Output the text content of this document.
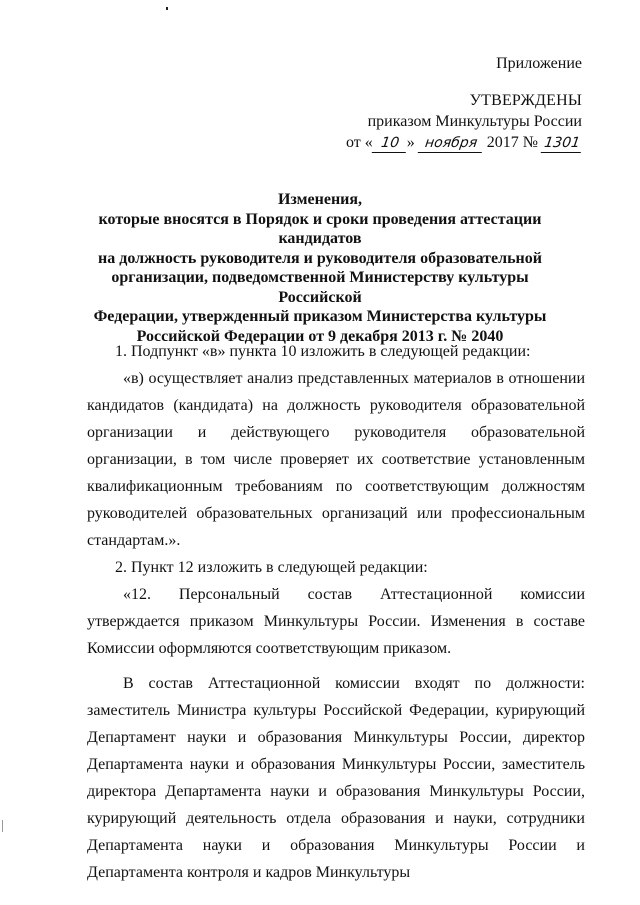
Приложение
УТВЕРЖДЕНЫ
приказом Минкультуры России
от « 10 » ноября 2017 № 1301
Изменения,
которые вносятся в Порядок и сроки проведения аттестации кандидатов
на должность руководителя и руководителя образовательной
организации, подведомственной Министерству культуры Российской
Федерации, утвержденный приказом Министерства культуры
Российской Федерации от 9 декабря 2013 г. № 2040

1. Подпункт «в» пункта 10 изложить в следующей редакции:

«в) осуществляет анализ представленных материалов в отношении кандидатов (кандидата) на должность руководителя образовательной организации и действующего руководителя образовательной организации, в том числе проверяет их соответствие установленным квалификационным требованиям по соответствующим должностям руководителей образовательных организаций или профессиональным стандартам.».

2. Пункт 12 изложить в следующей редакции:

«12. Персональный состав Аттестационной комиссии утверждается приказом Минкультуры России. Изменения в составе Комиссии оформляются соответствующим приказом.

В состав Аттестационной комиссии входят по должности: заместитель Министра культуры Российской Федерации, курирующий Департамент науки и образования Минкультуры России, директор Департамента науки и образования Минкультуры России, заместитель директора Департамента науки и образования Минкультуры России, курирующий деятельность отдела образования и науки, сотрудники Департамента науки и образования Минкультуры России и Департамента контроля и кадров Минкультуры
